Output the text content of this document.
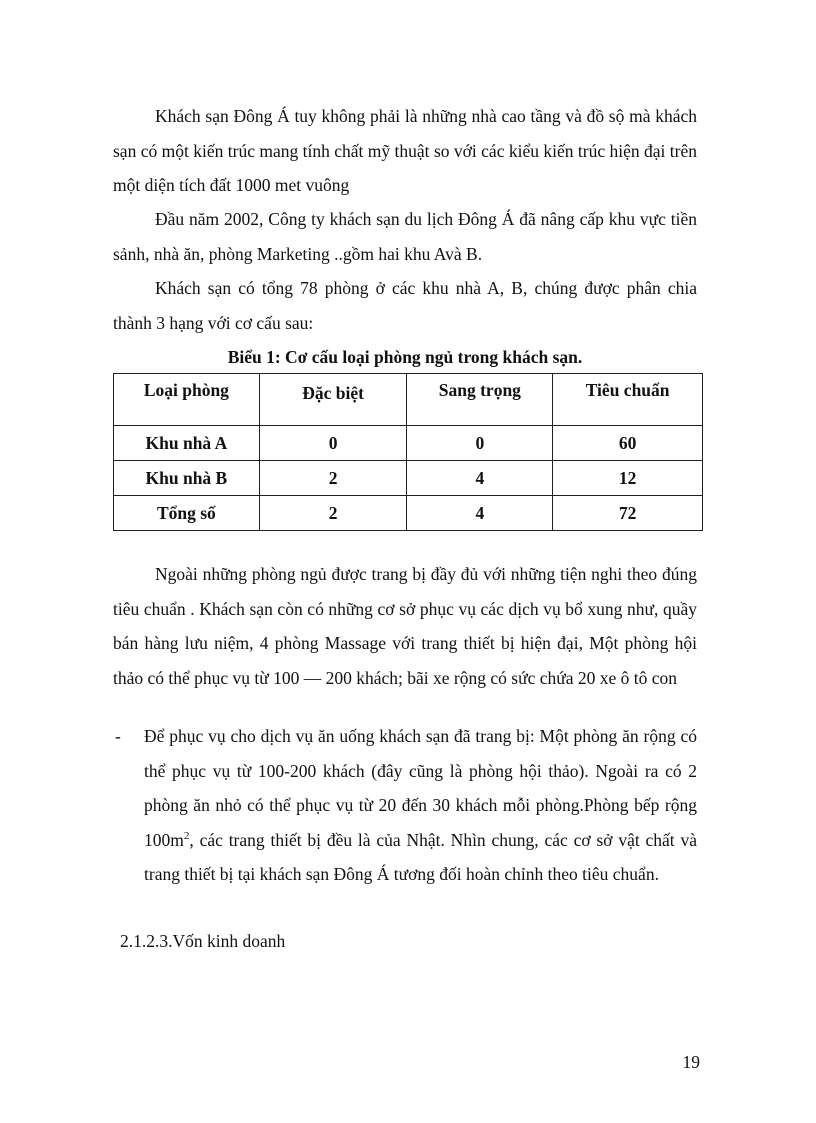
Khách sạn Đông Á tuy không phải là những nhà cao tầng và đồ sộ mà khách sạn có một kiến trúc mang tính chất mỹ thuật so với các kiểu kiến trúc hiện đại trên một diện tích đất 1000 met vuông

Đầu năm 2002, Công ty khách sạn du lịch Đông Á đã nâng cấp khu vực tiền sảnh, nhà ăn, phòng Marketing ..gồm hai khu Avà B.

Khách sạn có tổng 78 phòng ở các khu nhà A, B, chúng được phân chia thành 3 hạng với cơ cấu sau:

Biểu 1: Cơ cấu loại phòng ngủ trong khách sạn.

Loại phòng	Đặc biệt	Sang trọng	Tiêu chuẩn
Khu nhà A	0	0	60
Khu nhà B	2	4	12
Tổng số	2	4	72

Ngoài những phòng ngủ được trang bị đầy đủ với những tiện nghi theo đúng tiêu chuẩn . Khách sạn còn có những cơ sở phục vụ các dịch vụ bổ xung như, quầy bán hàng lưu niệm, 4 phòng Massage với trang thiết bị hiện đại, Một phòng hội thảo có thể phục vụ từ 100 — 200 khách; bãi xe rộng có sức chứa 20 xe ô tô con

- Để phục vụ cho dịch vụ ăn uống khách sạn đã trang bị: Một phòng ăn rộng có thể phục vụ từ 100-200 khách (đây cũng là phòng hội thảo). Ngoài ra có 2 phòng ăn nhỏ có thể phục vụ từ 20 đến 30 khách mỗi phòng.Phòng bếp rộng $100m^2$, các trang thiết bị đều là của Nhật. Nhìn chung, các cơ sở vật chất và trang thiết bị tại khách sạn Đông Á tương đối hoàn chỉnh theo tiêu chuẩn.

2.1.2.3.Vốn kinh doanh

19
